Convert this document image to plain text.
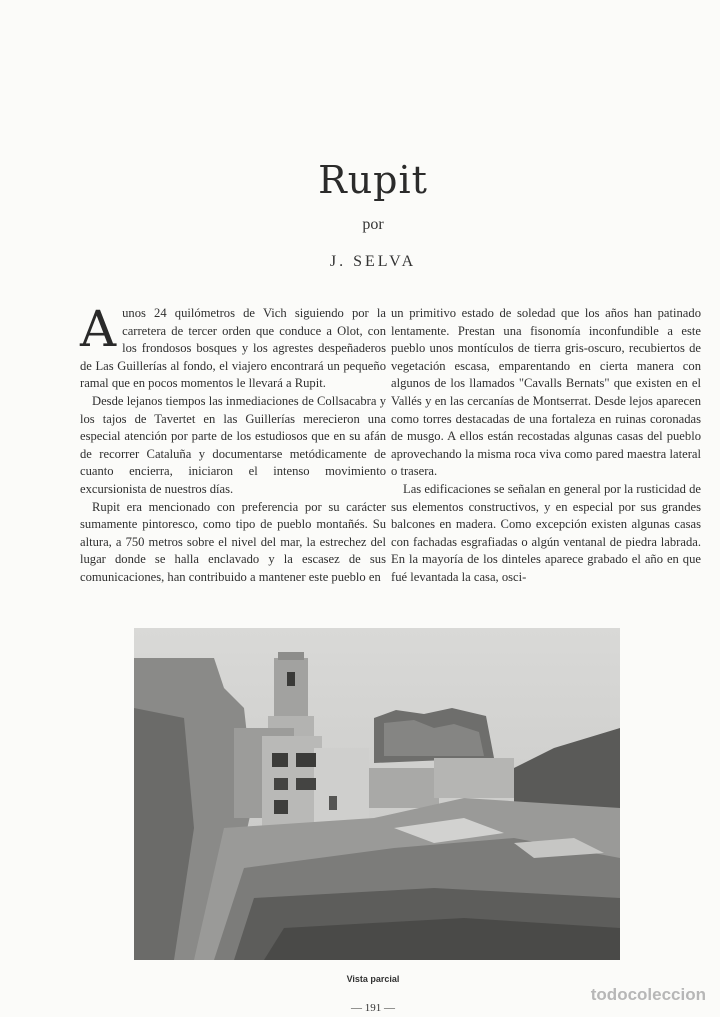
Rupit
por
J. SELVA

Aunos 24 quilómetros de Vich siguiendo por la carretera de tercer orden que conduce a Olot, con los frondosos bosques y los agrestes despeñaderos de Las Guillerías al fondo, el viajero encontrará un pequeño ramal que en pocos momentos le llevará a Rupit.

Desde lejanos tiempos las inmediaciones de Collsacabra y los tajos de Tavertet en las Guillerías merecieron una especial atención por parte de los estudiosos que en su afán de recorrer Cataluña y documentarse metódicamente de cuanto encierra, iniciaron el intenso movimiento excursionista de nuestros días.

Rupit era mencionado con preferencia por su carácter sumamente pintoresco, como tipo de pueblo montañés. Su altura, a 750 metros sobre el nivel del mar, la estrechez del lugar donde se halla enclavado y la escasez de sus comunicaciones, han contribuido a mantener este pueblo en

un primitivo estado de soledad que los años han patinado lentamente. Prestan una fisonomía inconfundible a este pueblo unos montículos de tierra gris-oscuro, recubiertos de vegetación escasa, emparentando en cierta manera con algunos de los llamados "Cavalls Bernats" que existen en el Vallés y en las cercanías de Montserrat. Desde lejos aparecen como torres destacadas de una fortaleza en ruinas coronadas de musgo. A ellos están recostadas algunas casas del pueblo aprovechando la misma roca viva como pared maestra lateral o trasera.

Las edificaciones se señalan en general por la rusticidad de sus elementos constructivos, y en especial por sus grandes balcones en madera. Como excepción existen algunas casas con fachadas esgrafiadas o algún ventanal de piedra labrada. En la mayoría de los dinteles aparece grabado el año en que fué levantada la casa, osci-

Vista parcial
— 191 —
todocoleccion
